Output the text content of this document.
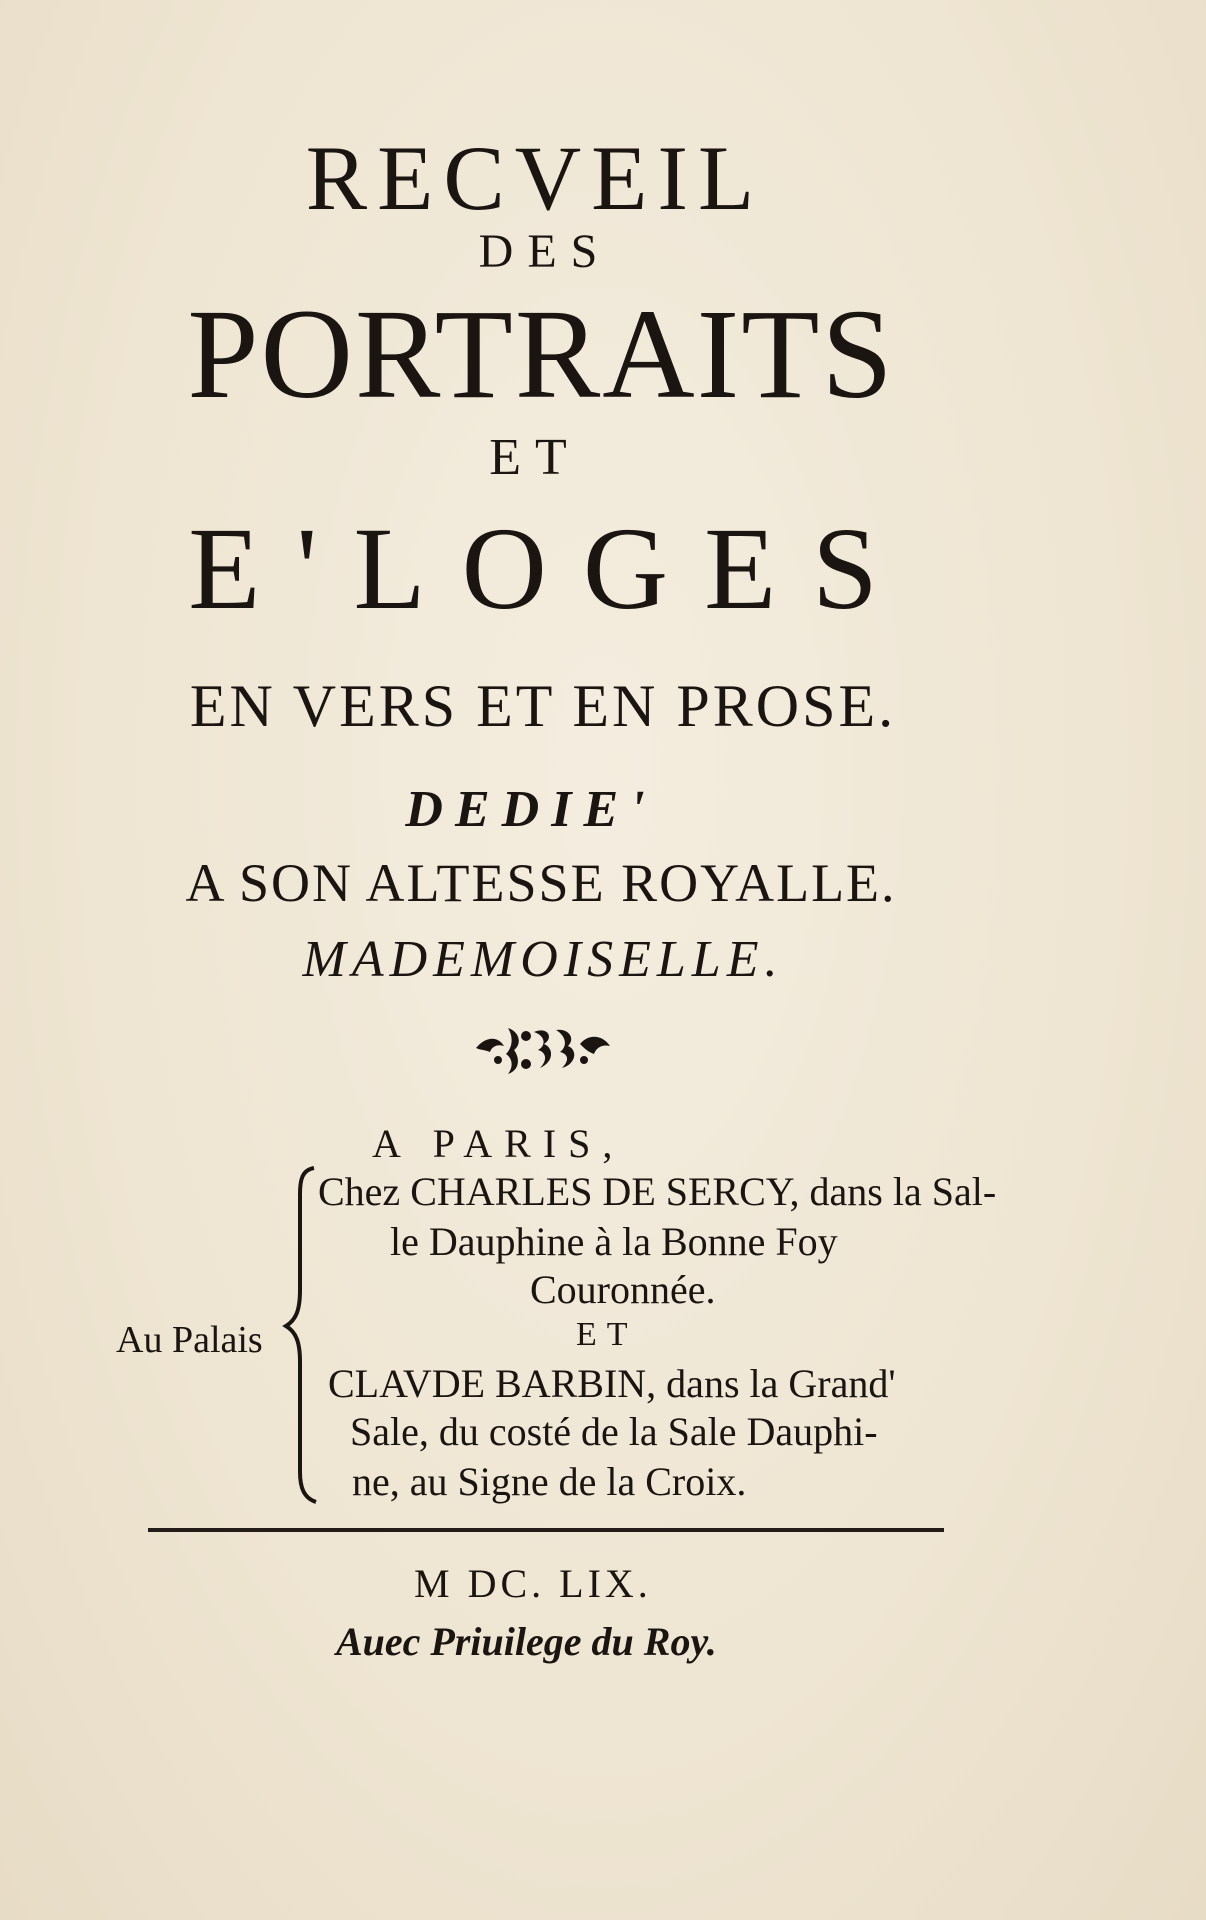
RECVEIL
DES
PORTRAITS
ET
E'LOGES
EN VERS ET EN PROSE.
DEDIE'
A SON ALTESSE ROYALLE.
MADEMOISELLE.
A PARIS,
Au Palais
Chez CHARLES DE SERCY, dans la Sal-
le Dauphine à la Bonne Foy
Couronnée.
ET
CLAVDE BARBIN, dans la Grand'
Sale, du costé de la Sale Dauphi-
ne, au Signe de la Croix.
M DC. LIX.
Auec Priuilege du Roy.
